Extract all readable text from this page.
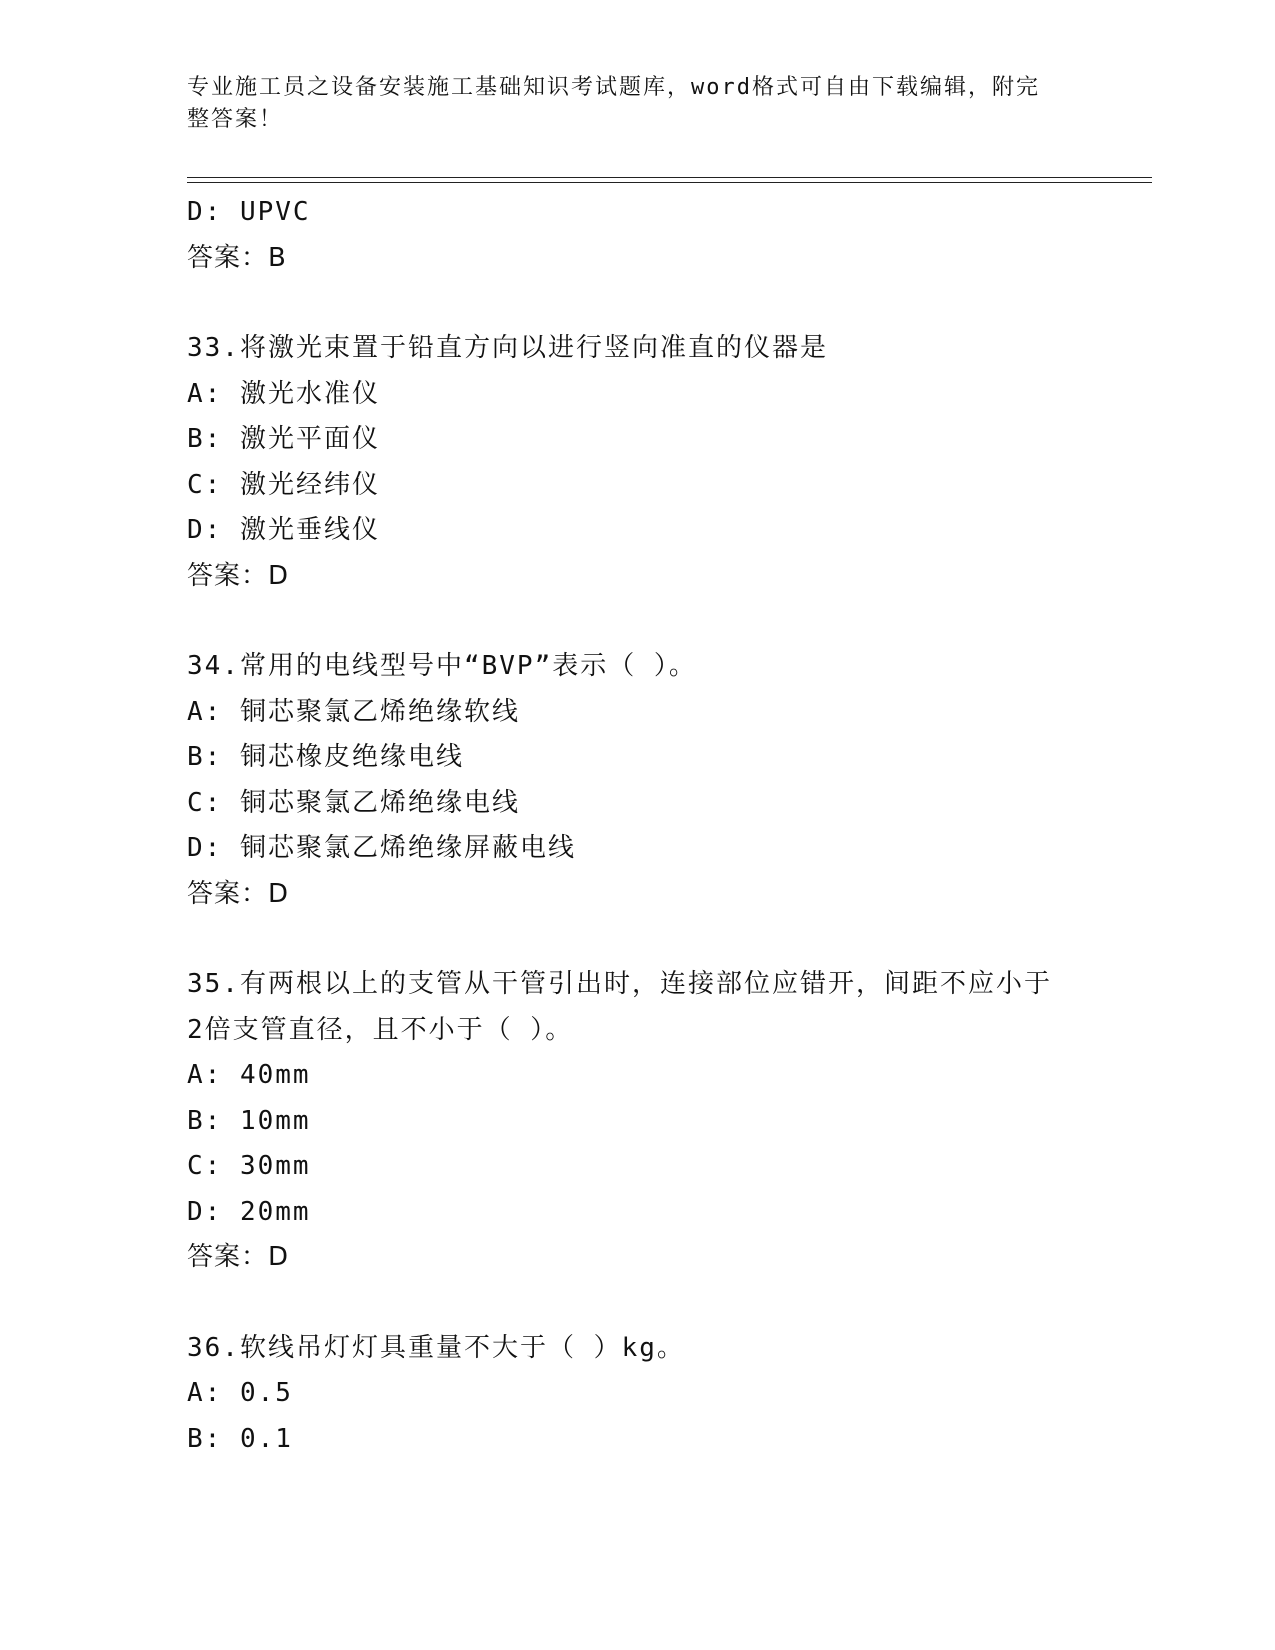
专业施工员之设备安装施工基础知识考试题库，word格式可自由下载编辑，附完
整答案！
D: UPVC
答案：B
33.将激光束置于铅直方向以进行竖向准直的仪器是
A: 激光水准仪
B: 激光平面仪
C: 激光经纬仪
D: 激光垂线仪
答案：D
34.常用的电线型号中“BVP”表示（ ）。
A: 铜芯聚氯乙烯绝缘软线
B: 铜芯橡皮绝缘电线
C: 铜芯聚氯乙烯绝缘电线
D: 铜芯聚氯乙烯绝缘屏蔽电线
答案：D
35.有两根以上的支管从干管引出时，连接部位应错开，间距不应小于
2倍支管直径，且不小于（ ）。
A: 40mm
B: 10mm
C: 30mm
D: 20mm
答案：D
36.软线吊灯灯具重量不大于（ ）kg。
A: 0.5
B: 0.1
